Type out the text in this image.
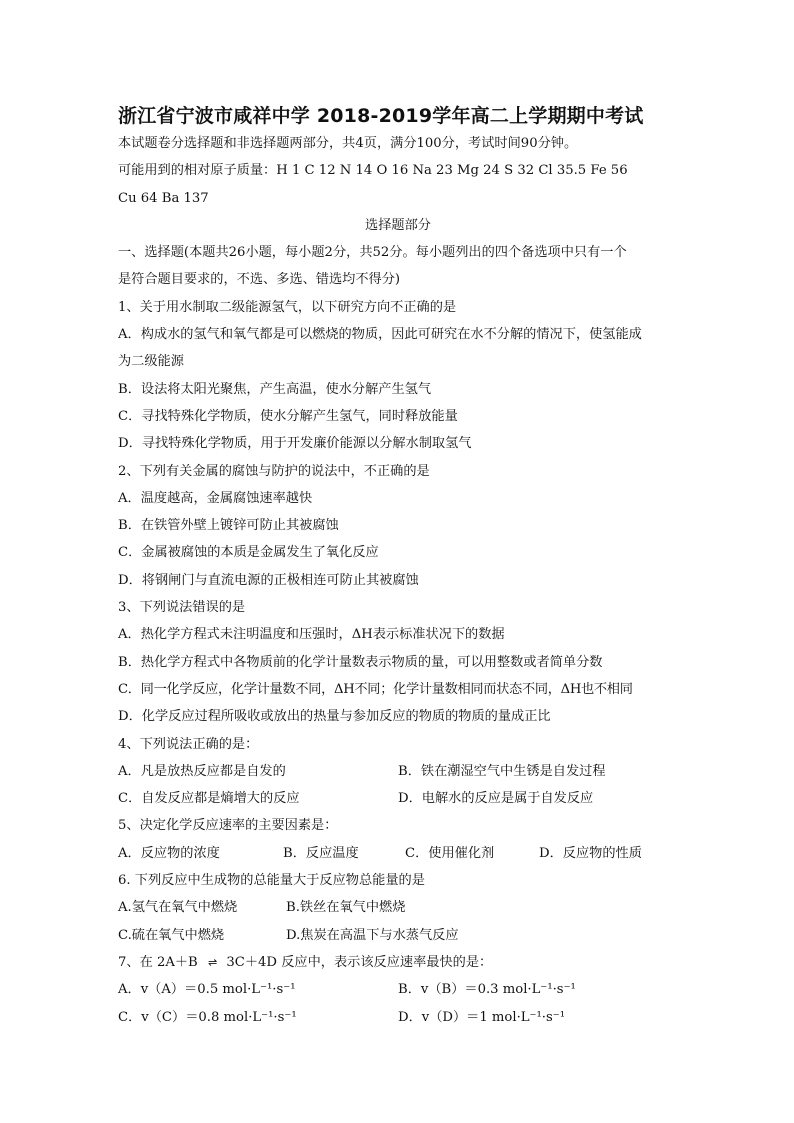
浙江省宁波市咸祥中学 2018-2019学年高二上学期期中考试
本试题卷分选择题和非选择题两部分，共4页，满分100分，考试时间90分钟。
可能用到的相对原子质量：H 1 C 12 N 14 O 16 Na 23 Mg 24 S 32 Cl 35.5 Fe 56
Cu 64 Ba 137
选择题部分
一、选择题(本题共26小题，每小题2分，共52分。每小题列出的四个备选项中只有一个
是符合题目要求的，不选、多选、错选均不得分)
1、关于用水制取二级能源氢气，以下研究方向不正确的是
A．构成水的氢气和氧气都是可以燃烧的物质，因此可研究在水不分解的情况下，使氢能成
为二级能源
B．设法将太阳光聚焦，产生高温，使水分解产生氢气
C．寻找特殊化学物质，使水分解产生氢气，同时释放能量
D．寻找特殊化学物质，用于开发廉价能源以分解水制取氢气
2、下列有关金属的腐蚀与防护的说法中，不正确的是
A．温度越高，金属腐蚀速率越快
B．在铁管外壁上镀锌可防止其被腐蚀
C．金属被腐蚀的本质是金属发生了氧化反应
D．将钢闸门与直流电源的正极相连可防止其被腐蚀
3、下列说法错误的是
A．热化学方程式未注明温度和压强时，ΔH表示标准状况下的数据
B．热化学方程式中各物质前的化学计量数表示物质的量，可以用整数或者简单分数
C．同一化学反应，化学计量数不同，ΔH不同；化学计量数相同而状态不同，ΔH也不相同
D．化学反应过程所吸收或放出的热量与参加反应的物质的物质的量成正比
4、下列说法正确的是：
A．凡是放热反应都是自发的	B．铁在潮湿空气中生锈是自发过程
C．自发反应都是熵增大的反应	D．电解水的反应是属于自发反应
5、决定化学反应速率的主要因素是：
A．反应物的浓度	B．反应温度	C．使用催化剂	D．反应物的性质
6. 下列反应中生成物的总能量大于反应物总能量的是
A.氢气在氧气中燃烧	B.铁丝在氧气中燃烧
C.硫在氧气中燃烧	D.焦炭在高温下与水蒸气反应
7、在 2A＋B ⇌ 3C＋4D 反应中，表示该反应速率最快的是：
A．v（A）＝0.5 mol·L⁻¹·s⁻¹	B．v（B）＝0.3 mol·L⁻¹·s⁻¹
C．v（C）＝0.8 mol·L⁻¹·s⁻¹	D．v（D）＝1 mol·L⁻¹·s⁻¹
